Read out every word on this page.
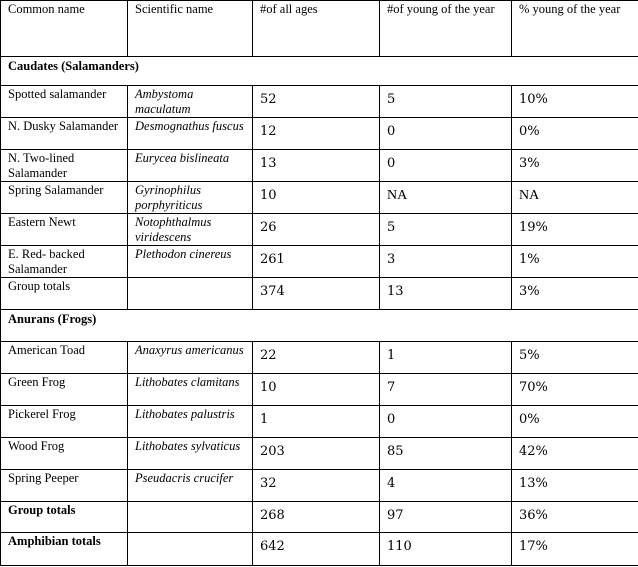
Common name	Scientific name	#of all ages	#of young of the year	% young of the year
Caudates (Salamanders)				
Spotted salamander	Ambystoma maculatum	52	5	10%
N. Dusky Salamander	Desmognathus fuscus	12	0	0%
N. Two-lined Salamander	Eurycea bislineata	13	0	3%
Spring Salamander	Gyrinophilus porphyriticus	10	NA	NA
Eastern Newt	Notophthalmus viridescens	26	5	19%
E. Red- backed Salamander	Plethodon cinereus	261	3	1%
Group totals		374	13	3%
Anurans (Frogs)				
American Toad	Anaxyrus americanus	22	1	5%
Green Frog	Lithobates clamitans	10	7	70%
Pickerel Frog	Lithobates palustris	1	0	0%
Wood Frog	Lithobates sylvaticus	203	85	42%
Spring Peeper	Pseudacris crucifer	32	4	13%
Group totals		268	97	36%
Amphibian totals		642	110	17%
